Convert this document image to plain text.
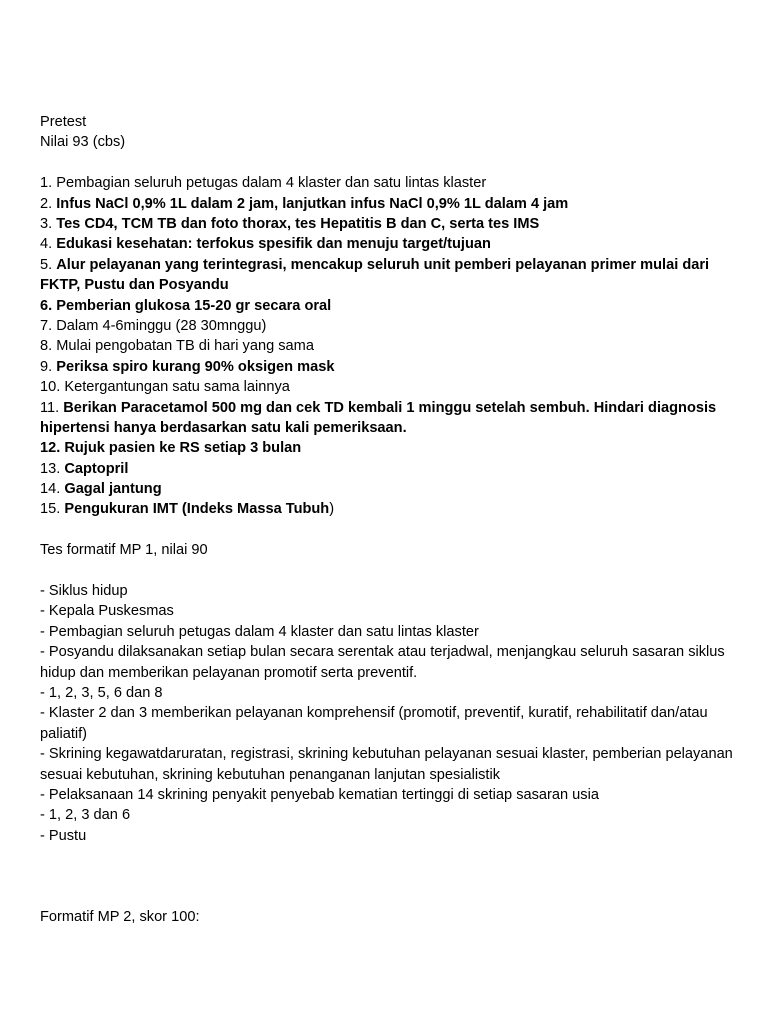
Pretest
Nilai 93 (cbs)
1. Pembagian seluruh petugas dalam 4 klaster dan satu lintas klaster
2. Infus NaCl 0,9% 1L dalam 2 jam, lanjutkan infus NaCl 0,9% 1L dalam 4 jam
3. Tes CD4, TCM TB dan foto thorax, tes Hepatitis B dan C, serta tes IMS
4. Edukasi kesehatan: terfokus spesifik dan menuju target/tujuan
5. Alur pelayanan yang terintegrasi, mencakup seluruh unit pemberi pelayanan primer mulai dari FKTP, Pustu dan Posyandu
6. Pemberian glukosa 15-20 gr secara oral
7. Dalam 4-6minggu (28 30mnggu)
8. Mulai pengobatan TB di hari yang sama
9. Periksa spiro kurang 90% oksigen mask
10. Ketergantungan satu sama lainnya
11. Berikan Paracetamol 500 mg dan cek TD kembali 1 minggu setelah sembuh. Hindari diagnosis hipertensi hanya berdasarkan satu kali pemeriksaan.
12. Rujuk pasien ke RS setiap 3 bulan
13. Captopril
14. Gagal jantung
15. Pengukuran IMT (Indeks Massa Tubuh)
Tes formatif MP 1, nilai 90
- Siklus hidup
- Kepala Puskesmas
- Pembagian seluruh petugas dalam 4 klaster dan satu lintas klaster
- Posyandu dilaksanakan setiap bulan secara serentak atau terjadwal, menjangkau seluruh sasaran siklus hidup dan memberikan pelayanan promotif serta preventif.
- 1, 2, 3, 5, 6 dan 8
- Klaster 2 dan 3 memberikan pelayanan komprehensif (promotif, preventif, kuratif, rehabilitatif dan/atau paliatif)
- Skrining kegawatdaruratan, registrasi, skrining kebutuhan pelayanan sesuai klaster, pemberian pelayanan sesuai kebutuhan, skrining kebutuhan penanganan lanjutan spesialistik
- Pelaksanaan 14 skrining penyakit penyebab kematian tertinggi di setiap sasaran usia
- 1, 2, 3 dan 6
- Pustu
Formatif MP 2, skor 100:
